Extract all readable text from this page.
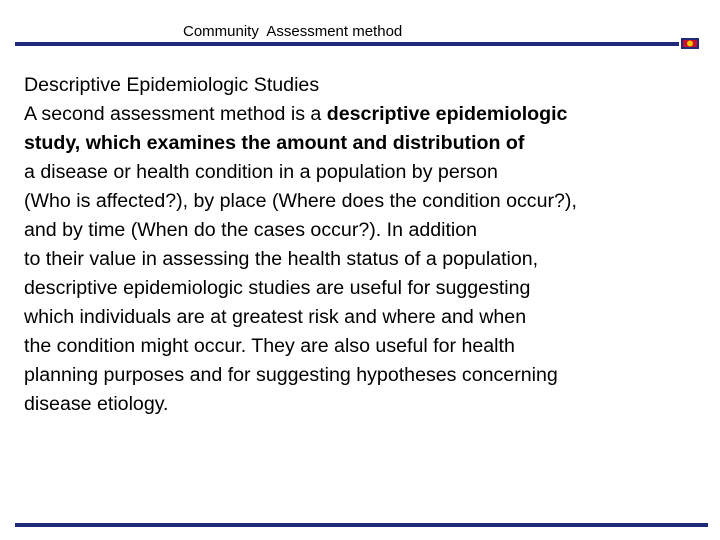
Community  Assessment method
Descriptive Epidemiologic Studies
A second assessment method is a descriptive epidemiologic
study, which examines the amount and distribution of
a disease or health condition in a population by person
(Who is affected?), by place (Where does the condition occur?),
and by time (When do the cases occur?). In addition
to their value in assessing the health status of a population,
descriptive epidemiologic studies are useful for suggesting
which individuals are at greatest risk and where and when
the condition might occur. They are also useful for health
planning purposes and for suggesting hypotheses concerning
disease etiology.
